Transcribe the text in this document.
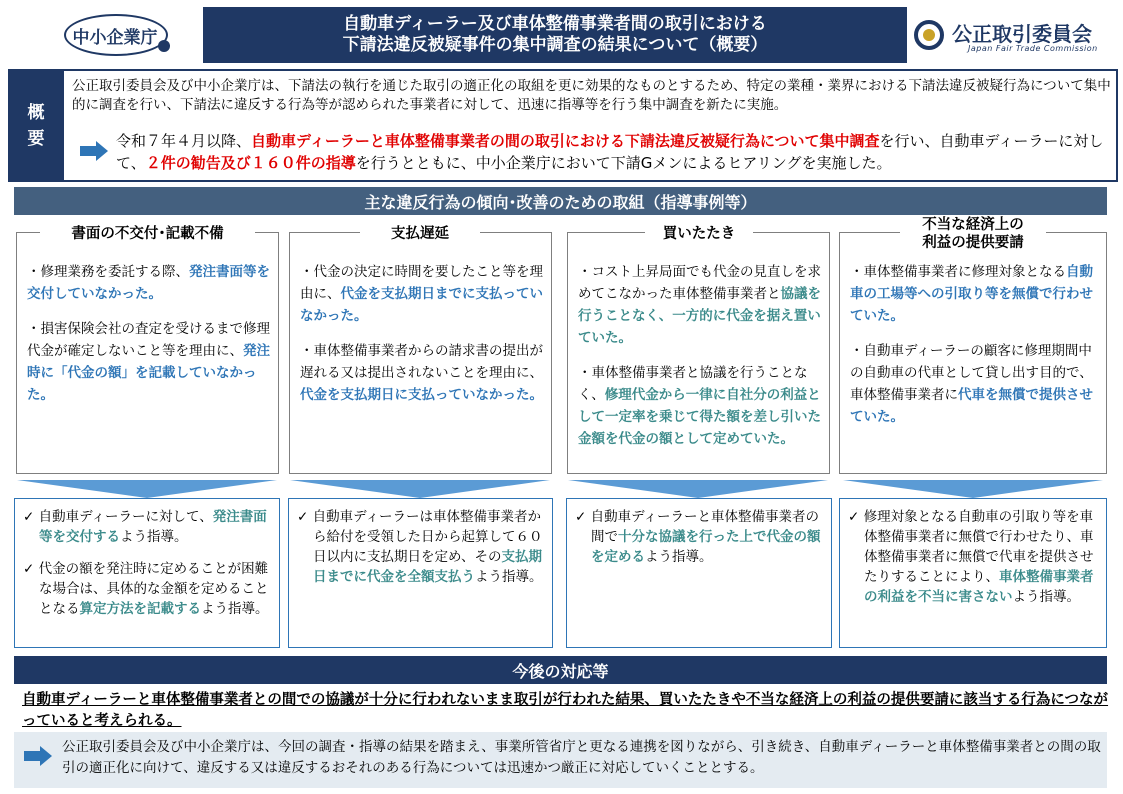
中小企業庁
自動車ディーラー及び車体整備事業者間の取引における
下請法違反被疑事件の集中調査の結果について（概要）	公正取引委員会
Japan Fair Trade Commission
概
要
公正取引委員会及び中小企業庁は、下請法の執行を通じた取引の適正化の取組を更に効果的なものとするため、特定の業種・業界における下請法違反被疑行為について集中的に調査を行い、下請法に違反する行為等が認められた事業者に対して、迅速に指導等を行う集中調査を新たに実施。
令和７年４月以降、自動車ディーラーと車体整備事業者の間の取引における下請法違反被疑行為について集中調査を行い、自動車ディーラーに対して、２件の勧告及び１６０件の指導を行うとともに、中小企業庁において下請Gメンによるヒアリングを実施した。
主な違反行為の傾向･改善のための取組（指導事例等）

・修理業務を委託する際、発注書面等を交付していなかった。

・損害保険会社の査定を受けるまで修理代金が確定しないこと等を理由に、発注時に「代金の額」を記載していなかった。

書面の不交付･記載不備

・代金の決定に時間を要したこと等を理由に、代金を支払期日までに支払っていなかった。

・車体整備事業者からの請求書の提出が遅れる又は提出されないことを理由に、代金を支払期日に支払っていなかった。

支払遅延

・コスト上昇局面でも代金の見直しを求めてこなかった車体整備事業者と協議を行うことなく、一方的に代金を据え置いていた。

・車体整備事業者と協議を行うことなく、修理代金から一律に自社分の利益として一定率を乗じて得た額を差し引いた金額を代金の額として定めていた。

買いたたき

・車体整備事業者に修理対象となる自動車の工場等への引取り等を無償で行わせていた。

・自動車ディーラーの顧客に修理期間中の自動車の代車として貸し出す目的で、車体整備事業者に代車を無償で提供させていた。

不当な経済上の
利益の提供要請

✓ 自動車ディーラーに対して、発注書面等を交付するよう指導。

✓ 代金の額を発注時に定めることが困難な場合は、具体的な金額を定めることとなる算定方法を記載するよう指導。

✓ 自動車ディーラーは車体整備事業者から給付を受領した日から起算して６０日以内に支払期日を定め、その支払期日までに代金を全額支払うよう指導。

✓ 自動車ディーラーと車体整備事業者の間で十分な協議を行った上で代金の額を定めるよう指導。

✓ 修理対象となる自動車の引取り等を車体整備事業者に無償で行わせたり、車体整備事業者に無償で代車を提供させたりすることにより、車体整備事業者の利益を不当に害さないよう指導。

今後の対応等
自動車ディーラーと車体整備事業者との間での協議が十分に行われないまま取引が行われた結果、買いたたきや不当な経済上の利益の提供要請に該当する行為につながっていると考えられる。
公正取引委員会及び中小企業庁は、今回の調査・指導の結果を踏まえ、事業所管省庁と更なる連携を図りながら、引き続き、自動車ディーラーと車体整備事業者との間の取引の適正化に向けて、違反する又は違反するおそれのある行為については迅速かつ厳正に対応していくこととする。
